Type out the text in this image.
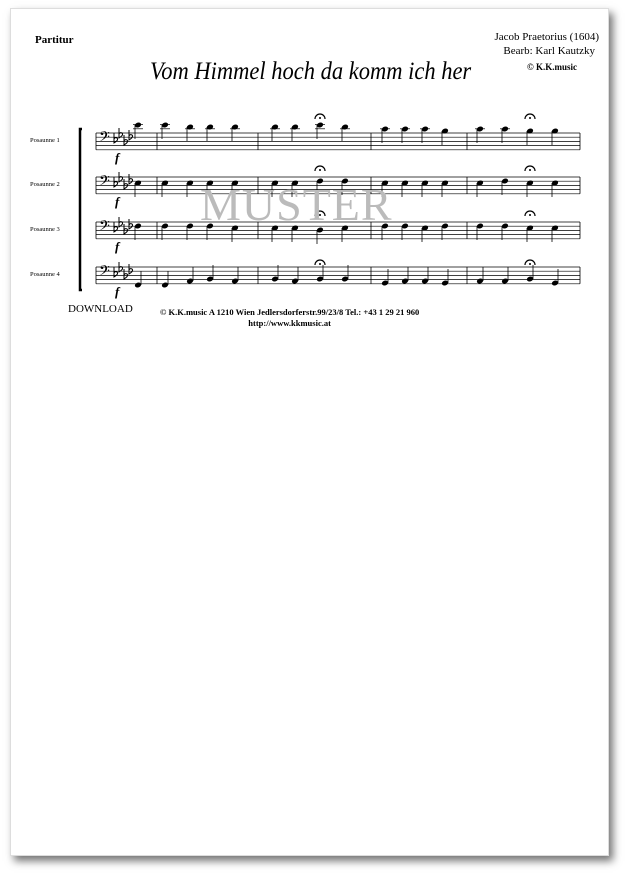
Partitur	Jacob Praetorius (1604)
Bearb: Karl Kautzky
© K.K.music
Vom Himmel hoch da komm ich her
Posaunne 1
Posaunne 2
Posaunne 3
Posaunne 4
𝄢
𝄢
𝄢
𝄢
f
f
f
f
MUSTER
DOWNLOAD	© K.K.music A 1210 Wien Jedlersdorferstr.99/23/8 Tel.: +43 1 29 21 960
http://www.kkmusic.at
